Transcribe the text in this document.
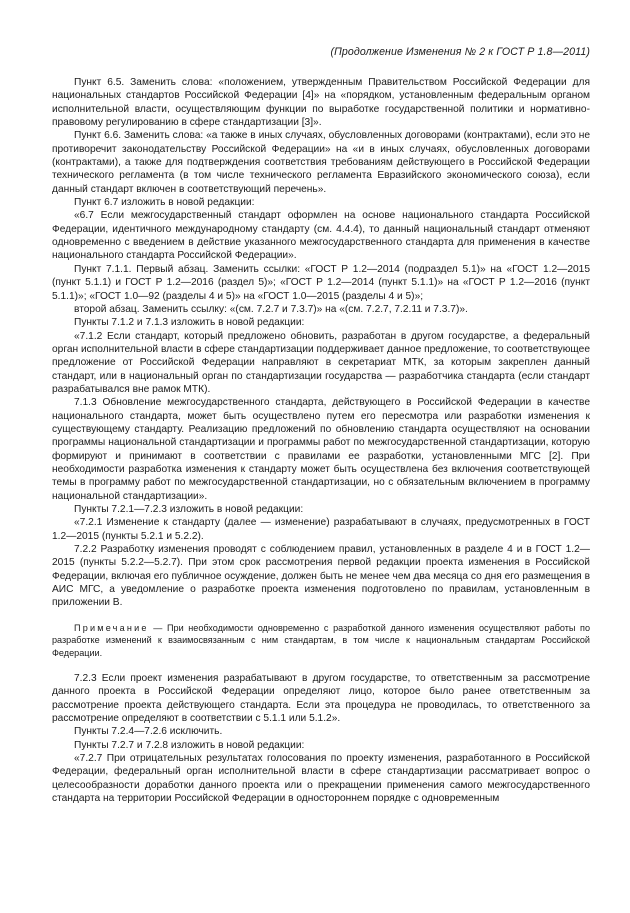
(Продолжение Изменения № 2 к ГОСТ Р 1.8—2011)

Пункт 6.5. Заменить слова: «положением, утвержденным Правительством Российской Федерации для национальных стандартов Российской Федерации [4]» на «порядком, установленным федеральным органом исполнительной власти, осуществляющим функции по выработке государственной политики и нормативно-правовому регулированию в сфере стандартизации [3]».

Пункт 6.6. Заменить слова: «а также в иных случаях, обусловленных договорами (контрактами), если это не противоречит законодательству Российской Федерации» на «и в иных случаях, обусловленных договорами (контрактами), а также для подтверждения соответствия требованиям действующего в Российской Федерации технического регламента (в том числе технического регламента Евразийского экономического союза), если данный стандарт включен в соответствующий перечень».

Пункт 6.7 изложить в новой редакции:

«6.7 Если межгосударственный стандарт оформлен на основе национального стандарта Российской Федерации, идентичного международному стандарту (см. 4.4.4), то данный национальный стандарт отменяют одновременно с введением в действие указанного межгосударственного стандарта для применения в качестве национального стандарта Российской Федерации».

Пункт 7.1.1. Первый абзац. Заменить ссылки: «ГОСТ Р 1.2—2014 (подраздел 5.1)» на «ГОСТ 1.2—2015 (пункт 5.1.1) и ГОСТ Р 1.2—2016 (раздел 5)»; «ГОСТ Р 1.2—2014 (пункт 5.1.1)» на «ГОСТ Р 1.2—2016 (пункт 5.1.1)»; «ГОСТ 1.0—92 (разделы 4 и 5)» на «ГОСТ 1.0—2015 (разделы 4 и 5)»;

второй абзац. Заменить ссылку: «(см. 7.2.7 и 7.3.7)» на «(см. 7.2.7, 7.2.11 и 7.3.7)».

Пункты 7.1.2 и 7.1.3 изложить в новой редакции:

«7.1.2 Если стандарт, который предложено обновить, разработан в другом государстве, а федеральный орган исполнительной власти в сфере стандартизации поддерживает данное предложение, то соответствующее предложение от Российской Федерации направляют в секретариат МТК, за которым закреплен данный стандарт, или в национальный орган по стандартизации государства — разработчика стандарта (если стандарт разрабатывался вне рамок МТК).

7.1.3 Обновление межгосударственного стандарта, действующего в Российской Федерации в качестве национального стандарта, может быть осуществлено путем его пересмотра или разработки изменения к существующему стандарту. Реализацию предложений по обновлению стандарта осуществляют на основании программы национальной стандартизации и программы работ по межгосударственной стандартизации, которую формируют и принимают в соответствии с правилами ее разработки, установленными МГС [2]. При необходимости разработка изменения к стандарту может быть осуществлена без включения соответствующей темы в программу работ по межгосударственной стандартизации, но с обязательным включением в программу национальной стандартизации».

Пункты 7.2.1—7.2.3 изложить в новой редакции:

«7.2.1 Изменение к стандарту (далее — изменение) разрабатывают в случаях, предусмотренных в ГОСТ 1.2—2015 (пункты 5.2.1 и 5.2.2).

7.2.2 Разработку изменения проводят с соблюдением правил, установленных в разделе 4 и в ГОСТ 1.2—2015 (пункты 5.2.2—5.2.7). При этом срок рассмотрения первой редакции проекта изменения в Российской Федерации, включая его публичное осуждение, должен быть не менее чем два месяца со дня его размещения в АИС МГС, а уведомление о разработке проекта изменения подготовлено по правилам, установленным в приложении В.

Примечание — При необходимости одновременно с разработкой данного изменения осуществляют работы по разработке изменений к взаимосвязанным с ним стандартам, в том числе к национальным стандартам Российской Федерации.

7.2.3 Если проект изменения разрабатывают в другом государстве, то ответственным за рассмотрение данного проекта в Российской Федерации определяют лицо, которое было ранее ответственным за рассмотрение проекта действующего стандарта. Если эта процедура не проводилась, то ответственного за рассмотрение определяют в соответствии с 5.1.1 или 5.1.2».

Пункты 7.2.4—7.2.6 исключить.

Пункты 7.2.7 и 7.2.8 изложить в новой редакции:

«7.2.7 При отрицательных результатах голосования по проекту изменения, разработанного в Российской Федерации, федеральный орган исполнительной власти в сфере стандартизации рассматривает вопрос о целесообразности доработки данного проекта или о прекращении применения самого межгосударственного стандарта на территории Российской Федерации в одностороннем порядке с одновременным
